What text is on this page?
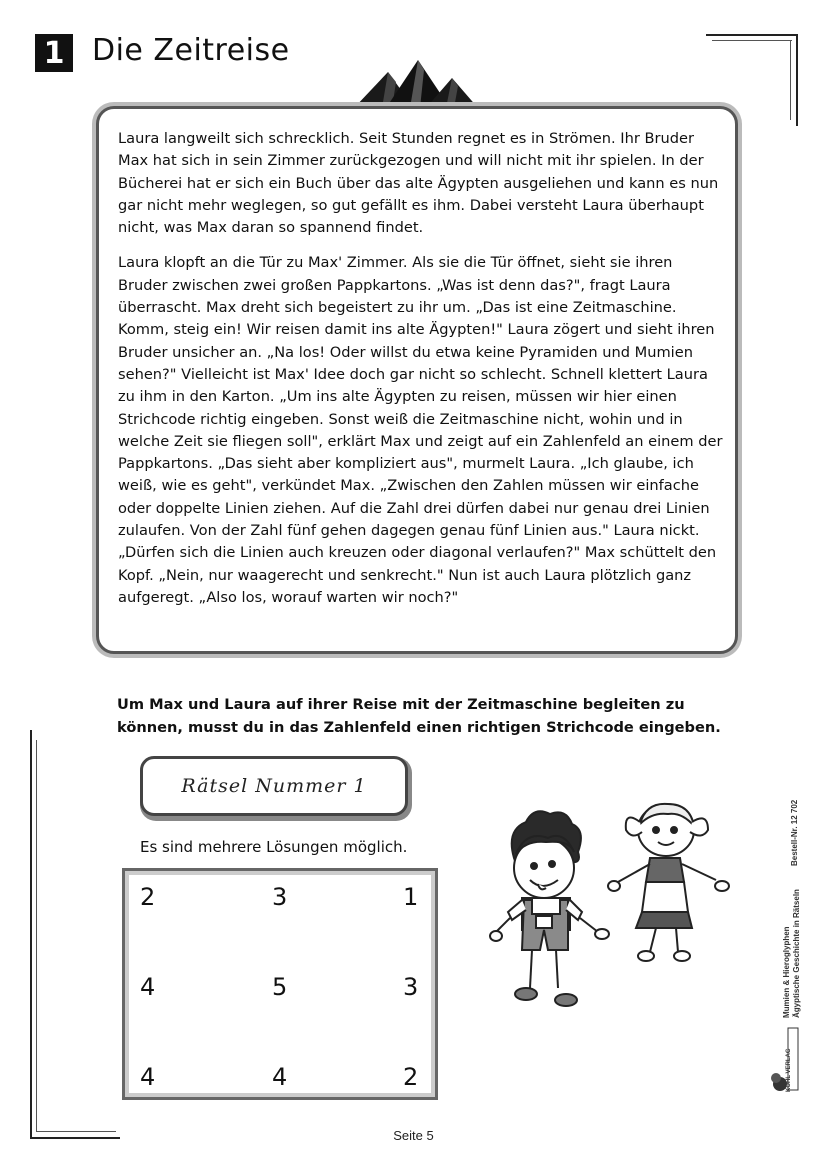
1 Die Zeitreise

Laura langweilt sich schrecklich. Seit Stunden regnet es in Strömen. Ihr Bruder Max hat sich in sein Zimmer zurückgezogen und will nicht mit ihr spielen. In der Bücherei hat er sich ein Buch über das alte Ägypten ausgeliehen und kann es nun gar nicht mehr weglegen, so gut gefällt es ihm. Dabei versteht Laura überhaupt nicht, was Max daran so spannend findet.

Laura klopft an die Tür zu Max' Zimmer. Als sie die Tür öffnet, sieht sie ihren Bruder zwischen zwei großen Pappkartons. „Was ist denn das?", fragt Laura überrascht. Max dreht sich begeistert zu ihr um. „Das ist eine Zeitmaschine. Komm, steig ein! Wir reisen damit ins alte Ägypten!" Laura zögert und sieht ihren Bruder unsicher an. „Na los! Oder willst du etwa keine Pyramiden und Mumien sehen?" Vielleicht ist Max' Idee doch gar nicht so schlecht. Schnell klettert Laura zu ihm in den Karton. „Um ins alte Ägypten zu reisen, müssen wir hier einen Strichcode richtig eingeben. Sonst weiß die Zeitmaschine nicht, wohin und in welche Zeit sie fliegen soll", erklärt Max und zeigt auf ein Zahlenfeld an einem der Pappkartons. „Das sieht aber kompliziert aus", murmelt Laura. „Ich glaube, ich weiß, wie es geht", verkündet Max. „Zwischen den Zahlen müssen wir einfache oder doppelte Linien ziehen. Auf die Zahl drei dürfen dabei nur genau drei Linien zulaufen. Von der Zahl fünf gehen dagegen genau fünf Linien aus." Laura nickt. „Dürfen sich die Linien auch kreuzen oder diagonal verlaufen?" Max schüttelt den Kopf. „Nein, nur waagerecht und senkrecht." Nun ist auch Laura plötzlich ganz aufgeregt. „Also los, worauf warten wir noch?"

Um Max und Laura auf ihrer Reise mit der Zeitmaschine begleiten zu können, musst du in das Zahlenfeld einen richtigen Strichcode eingeben.
Rätsel Nummer 1
Es sind mehrere Lösungen möglich.
2	3	1
4	5	3
4	4	2
Mumien & Hieroglyphen Ägyptische Geschichte in Rätseln
Bestell-Nr. 12 702
KOHL VERLAG
Seite 5
